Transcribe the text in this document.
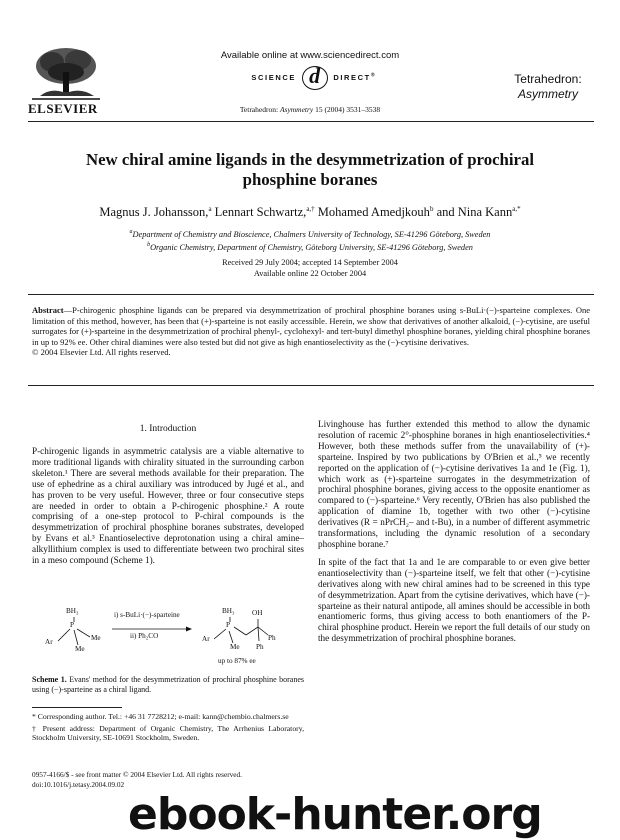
ELSEVIER
Available online at www.sciencedirect.com
SCIENCE d DIRECT®	Tetrahedron:
Asymmetry
Tetrahedron: Asymmetry 15 (2004) 3531–3538
New chiral amine ligands in the desymmetrization of prochiral
phosphine boranes
Magnus J. Johansson,$^a$ Lennart Schwartz,$^{a,\dagger}$ Mohamed Amedjkouh$^b$ and Nina Kann$^{a,*}$
$^a$Department of Chemistry and Bioscience, Chalmers University of Technology, SE-41296 Göteborg, Sweden
$^b$Organic Chemistry, Department of Chemistry, Göteborg University, SE-41296 Göteborg, Sweden
Received 29 July 2004; accepted 14 September 2004
Available online 22 October 2004
Abstract—P-chirogenic phosphine ligands can be prepared via desymmetrization of prochiral phosphine boranes using s-BuLi·(−)-sparteine complexes. One limitation of this method, however, has been that (+)-sparteine is not easily accessible. Herein, we show that derivatives of another alkaloid, (−)-cytisine, are useful surrogates for (+)-sparteine in the desymmetrization of prochiral phenyl-, cyclohexyl- and tert-butyl dimethyl phosphine boranes, yielding chiral phosphine boranes in up to 92% ee. Other chiral diamines were also tested but did not give as high enantioselectivity as the (−)-cytisine derivatives.
© 2004 Elsevier Ltd. All rights reserved.
1. Introduction
P-chirogenic ligands in asymmetric catalysis are a viable alternative to more traditional ligands with chirality situated in the surrounding carbon skeleton.¹ There are several methods available for their preparation. The use of ephedrine as a chiral auxiliary was introduced by Jugé et al., and has proven to be very useful. However, three or four consecutive steps are needed in order to obtain a P-chirogenic phosphine.² A route comprising of a one-step protocol to P-chiral compounds is the desymmetrization of prochiral phosphine boranes substrates, developed by Evans et al.³ Enantioselective deprotonation using a chiral amine–alkyllithium complex is used to differentiate between two prochiral sites in a meso compound (Scheme 1).
BH₃
P
Ar	Me
Me
i) s-BuLi·(−)-sparteine
ii) Ph₂CO
BH₃
P
OH
Ar
Me
Ph
Ph
up to 87% ee
Scheme 1. Evans' method for the desymmetrization of prochiral phosphine boranes using (−)-sparteine as a chiral ligand.
* Corresponding author. Tel.: +46 31 7728212; e-mail: kann@chembio.chalmers.se
† Present address: Department of Organic Chemistry, The Arrhenius Laboratory, Stockholm University, SE-10691 Stockholm, Sweden.
0957-4166/$ - see front matter © 2004 Elsevier Ltd. All rights reserved.
doi:10.1016/j.tetasy.2004.09.02

Livinghouse has further extended this method to allow the dynamic resolution of racemic 2°-phosphine boranes in high enantioselectivities.⁴ However, both these methods suffer from the unavailability of (+)-sparteine. Inspired by two publications by O'Brien et al.,⁵ we recently reported on the application of (−)-cytisine derivatives 1a and 1e (Fig. 1), which work as (+)-sparteine surrogates in the desymmetrization of prochiral phosphine boranes, giving access to the opposite enantiomer as compared to (−)-sparteine.⁶ Very recently, O'Brien has also published the application of diamine 1b, together with two other (−)-cytisine derivatives (R = nPrCH₂– and t-Bu), in a number of different asymmetric transformations, including the dynamic resolution of a secondary phosphine borane.⁷

In spite of the fact that 1a and 1e are comparable to or even give better enantioselectivity than (−)-sparteine itself, we felt that other (−)-cytisine derivatives along with new chiral amines had to be screened in this type of desymmetrization. Apart from the cytisine derivatives, which have (−)-sparteine as their natural antipode, all amines should be accessible in both enantiomeric forms, thus giving access to both enantiomers of the P-chiral phosphine product. Herein we report the full details of our study on the desymmetrization of prochiral phosphine boranes.

ebook-hunter.org
